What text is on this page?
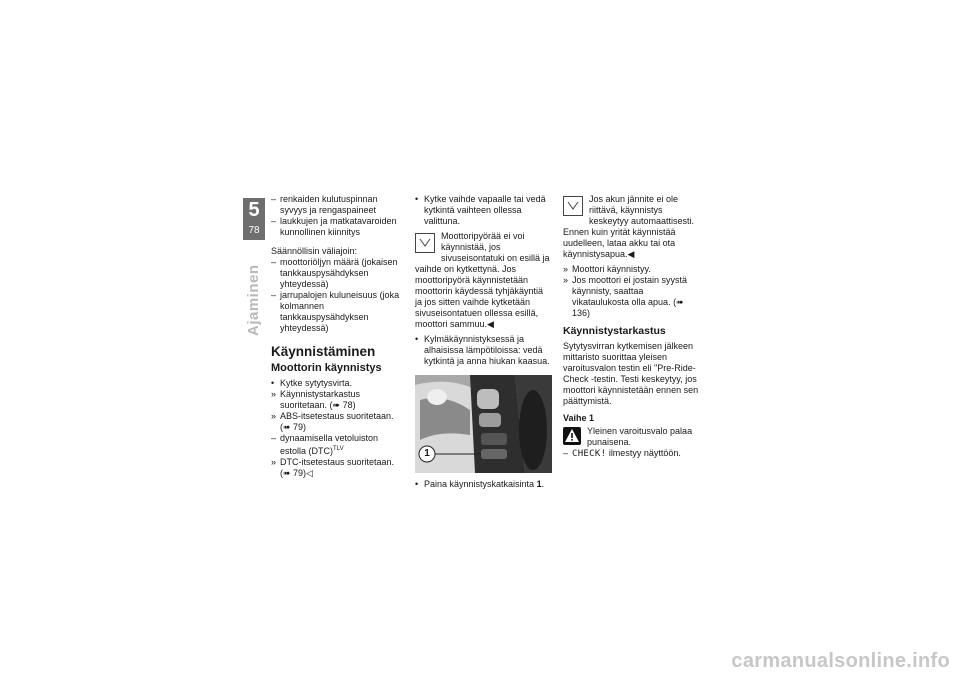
5
78
Ajaminen
– renkaiden kulutuspinnan syvyys ja rengaspaineet
– laukkujen ja matkatavaroiden kunnollinen kiinnitys

Säännöllisin väliajoin:

– moottoriöljyn määrä (jokaisen tankkauspysähdyksen yhteydessä)
– jarrupalojen kuluneisuus (joka kolmannen tankkauspysähdyksen yhteydessä)
Käynnistäminen
Moottorin käynnistys
• Kytke sytytysvirta.
» Käynnistystarkastus suoritetaan. (➠ 78)
» ABS-itsetestaus suoritetaan. (➠ 79)
– dynaamisella vetoluiston estolla (DTC)$^{TLV}$
» DTC-itsetestaus suoritetaan. (➠ 79)◁
• Kytke vaihde vapaalle tai vedä kytkintä vaihteen ollessa valittuna.
Moottoripyörää ei voi käynnistää, jos sivuseisontatuki on esillä ja vaihde on kytkettynä. Jos moottoripyörä käynnistetään moottorin käydessä tyhjäkäyntiä ja jos sitten vaihde kytketään sivuseisontatuen ollessa esillä, moottori sammuu.◀
• Kylmäkäynnistyksessä ja alhaisissa lämpötiloissa: vedä kytkintä ja anna hiukan kaasua.
1
• Paina käynnistyskatkaisinta 1.
Jos akun jännite ei ole riittävä, käynnistys keskeytyy automaattisesti. Ennen kuin yrität käynnistää uudelleen, lataa akku tai ota käynnistysapua.◀
» Moottori käynnistyy.
» Jos moottori ei jostain syystä käynnisty, saattaa vikataulukosta olla apua. (➠ 136)
Käynnistystarkastus

Sytytysvirran kytkemisen jälkeen mittaristo suorittaa yleisen varoitusvalon testin eli "Pre-Ride-Check -testin. Testi keskeytyy, jos moottori käynnistetään ennen sen päättymistä.

Vaihe 1
Yleinen varoitusvalo palaa punaisena.
– CHECK! ilmestyy näyttöön.
carmanualsonline.info
